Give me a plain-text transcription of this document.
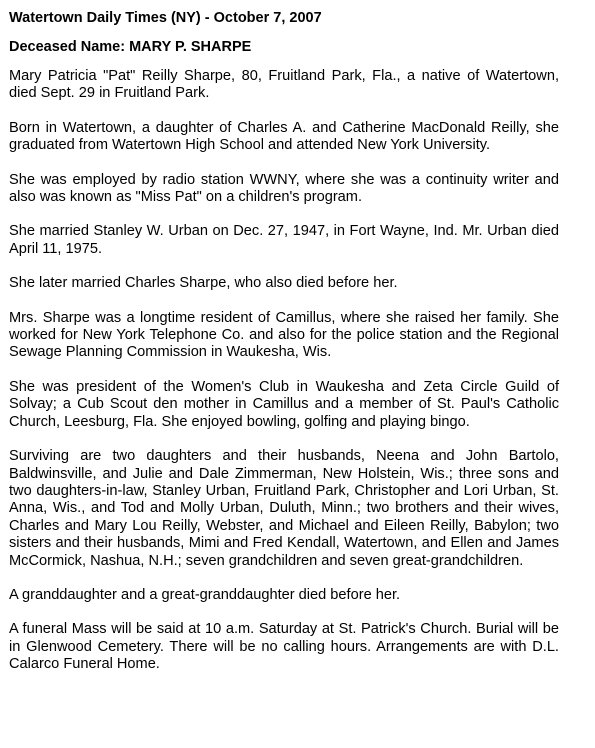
Watertown Daily Times (NY) - October 7, 2007

Deceased Name: MARY P. SHARPE

Mary Patricia "Pat" Reilly Sharpe, 80, Fruitland Park, Fla., a native of Watertown, died Sept. 29 in Fruitland Park.

Born in Watertown, a daughter of Charles A. and Catherine MacDonald Reilly, she graduated from Watertown High School and attended New York University.

She was employed by radio station WWNY, where she was a continuity writer and also was known as "Miss Pat" on a children's program.

She married Stanley W. Urban on Dec. 27, 1947, in Fort Wayne, Ind. Mr. Urban died April 11, 1975.

She later married Charles Sharpe, who also died before her.

Mrs. Sharpe was a longtime resident of Camillus, where she raised her family. She worked for New York Telephone Co. and also for the police station and the Regional Sewage Planning Commission in Waukesha, Wis.

She was president of the Women's Club in Waukesha and Zeta Circle Guild of Solvay; a Cub Scout den mother in Camillus and a member of St. Paul's Catholic Church, Leesburg, Fla. She enjoyed bowling, golfing and playing bingo.

Surviving are two daughters and their husbands, Neena and John Bartolo, Baldwinsville, and Julie and Dale Zimmerman, New Holstein, Wis.; three sons and two daughters-in-law, Stanley Urban, Fruitland Park, Christopher and Lori Urban, St. Anna, Wis., and Tod and Molly Urban, Duluth, Minn.; two brothers and their wives, Charles and Mary Lou Reilly, Webster, and Michael and Eileen Reilly, Babylon; two sisters and their husbands, Mimi and Fred Kendall, Watertown, and Ellen and James McCormick, Nashua, N.H.; seven grandchildren and seven great-grandchildren.

A granddaughter and a great-granddaughter died before her.

A funeral Mass will be said at 10 a.m. Saturday at St. Patrick's Church. Burial will be in Glenwood Cemetery. There will be no calling hours. Arrangements are with D.L. Calarco Funeral Home.
